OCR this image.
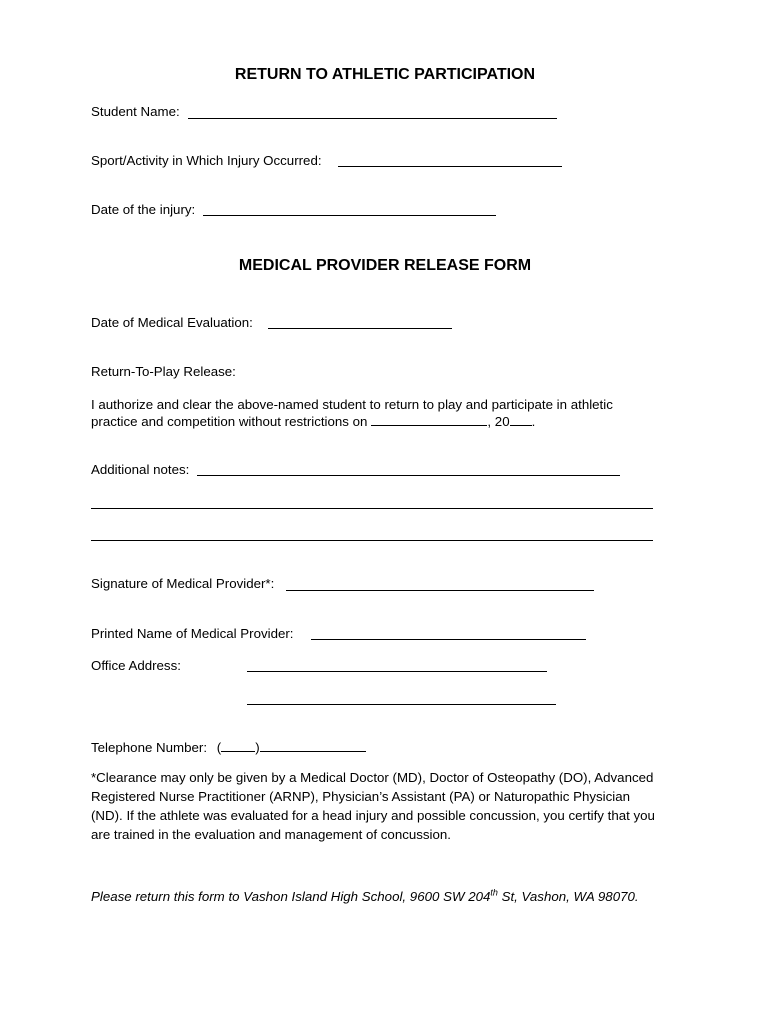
RETURN TO ATHLETIC PARTICIPATION
Student Name:
Sport/Activity in Which Injury Occurred:
Date of the injury:
MEDICAL PROVIDER RELEASE FORM
Date of Medical Evaluation:
Return-To-Play Release:
I authorize and clear the above-named student to return to play and participate in athletic
practice and competition without restrictions on	, 20 .
Additional notes:
Signature of Medical Provider*:
Printed Name of Medical Provider:
Office Address:
Telephone Number: (	)
*Clearance may only be given by a Medical Doctor (MD), Doctor of Osteopathy (DO), Advanced
Registered Nurse Practitioner (ARNP), Physician’s Assistant (PA) or Naturopathic Physician
(ND). If the athlete was evaluated for a head injury and possible concussion, you certify that you
are trained in the evaluation and management of concussion.
Please return this form to Vashon Island High School, 9600 SW 204th St, Vashon, WA 98070.
